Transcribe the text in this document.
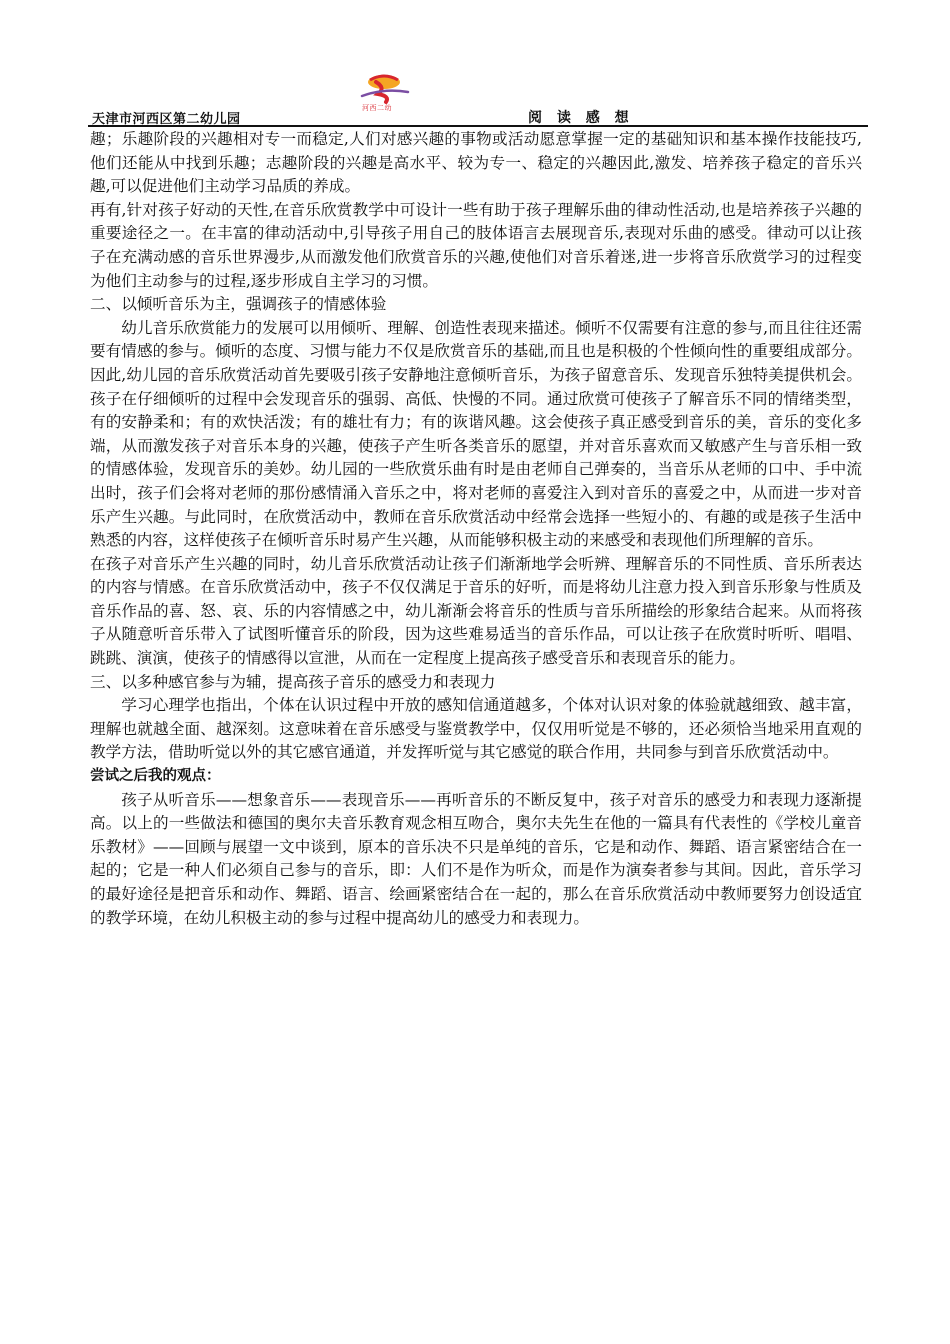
天津市河西区第二幼儿园
河西二幼
阅 读 感 想

趣；乐趣阶段的兴趣相对专一而稳定,人们对感兴趣的事物或活动愿意掌握一定的基础知识和基本操作技能技巧,他们还能从中找到乐趣；志趣阶段的兴趣是高水平、较为专一、稳定的兴趣因此,激发、培养孩子稳定的音乐兴趣,可以促进他们主动学习品质的养成。

再有,针对孩子好动的天性,在音乐欣赏教学中可设计一些有助于孩子理解乐曲的律动性活动,也是培养孩子兴趣的重要途径之一。在丰富的律动活动中,引导孩子用自己的肢体语言去展现音乐,表现对乐曲的感受。律动可以让孩子在充满动感的音乐世界漫步,从而激发他们欣赏音乐的兴趣,使他们对音乐着迷,进一步将音乐欣赏学习的过程变为他们主动参与的过程,逐步形成自主学习的习惯。

二、以倾听音乐为主，强调孩子的情感体验

幼儿音乐欣赏能力的发展可以用倾听、理解、创造性表现来描述。倾听不仅需要有注意的参与,而且往往还需要有情感的参与。倾听的态度、习惯与能力不仅是欣赏音乐的基础,而且也是积极的个性倾向性的重要组成部分。因此,幼儿园的音乐欣赏活动首先要吸引孩子安静地注意倾听音乐，为孩子留意音乐、发现音乐独特美提供机会。孩子在仔细倾听的过程中会发现音乐的强弱、高低、快慢的不同。通过欣赏可使孩子了解音乐不同的情绪类型，有的安静柔和；有的欢快活泼；有的雄壮有力；有的诙谐风趣。这会使孩子真正感受到音乐的美，音乐的变化多端，从而激发孩子对音乐本身的兴趣，使孩子产生听各类音乐的愿望，并对音乐喜欢而又敏感产生与音乐相一致的情感体验，发现音乐的美妙。幼儿园的一些欣赏乐曲有时是由老师自己弹奏的，当音乐从老师的口中、手中流出时，孩子们会将对老师的那份感情涌入音乐之中，将对老师的喜爱注入到对音乐的喜爱之中，从而进一步对音乐产生兴趣。与此同时，在欣赏活动中，教师在音乐欣赏活动中经常会选择一些短小的、有趣的或是孩子生活中熟悉的内容，这样使孩子在倾听音乐时易产生兴趣，从而能够积极主动的来感受和表现他们所理解的音乐。

在孩子对音乐产生兴趣的同时，幼儿音乐欣赏活动让孩子们渐渐地学会听辨、理解音乐的不同性质、音乐所表达的内容与情感。在音乐欣赏活动中，孩子不仅仅满足于音乐的好听，而是将幼儿注意力投入到音乐形象与性质及音乐作品的喜、怒、哀、乐的内容情感之中，幼儿渐渐会将音乐的性质与音乐所描绘的形象结合起来。从而将孩子从随意听音乐带入了试图听懂音乐的阶段，因为这些难易适当的音乐作品，可以让孩子在欣赏时听听、唱唱、跳跳、演演，使孩子的情感得以宣泄，从而在一定程度上提高孩子感受音乐和表现音乐的能力。

三、以多种感官参与为辅，提高孩子音乐的感受力和表现力

学习心理学也指出，个体在认识过程中开放的感知信通道越多，个体对认识对象的体验就越细致、越丰富，理解也就越全面、越深刻。这意味着在音乐感受与鉴赏教学中，仅仅用听觉是不够的，还必须恰当地采用直观的教学方法，借助听觉以外的其它感官通道，并发挥听觉与其它感觉的联合作用，共同参与到音乐欣赏活动中。

尝试之后我的观点：

孩子从听音乐——想象音乐——表现音乐——再听音乐的不断反复中，孩子对音乐的感受力和表现力逐渐提高。以上的一些做法和德国的奥尔夫音乐教育观念相互吻合，奥尔夫先生在他的一篇具有代表性的《学校儿童音乐教材》——回顾与展望一文中谈到，原本的音乐决不只是单纯的音乐，它是和动作、舞蹈、语言紧密结合在一起的；它是一种人们必须自己参与的音乐，即：人们不是作为听众，而是作为演奏者参与其间。因此，音乐学习的最好途径是把音乐和动作、舞蹈、语言、绘画紧密结合在一起的，那么在音乐欣赏活动中教师要努力创设适宜的教学环境，在幼儿积极主动的参与过程中提高幼儿的感受力和表现力。
